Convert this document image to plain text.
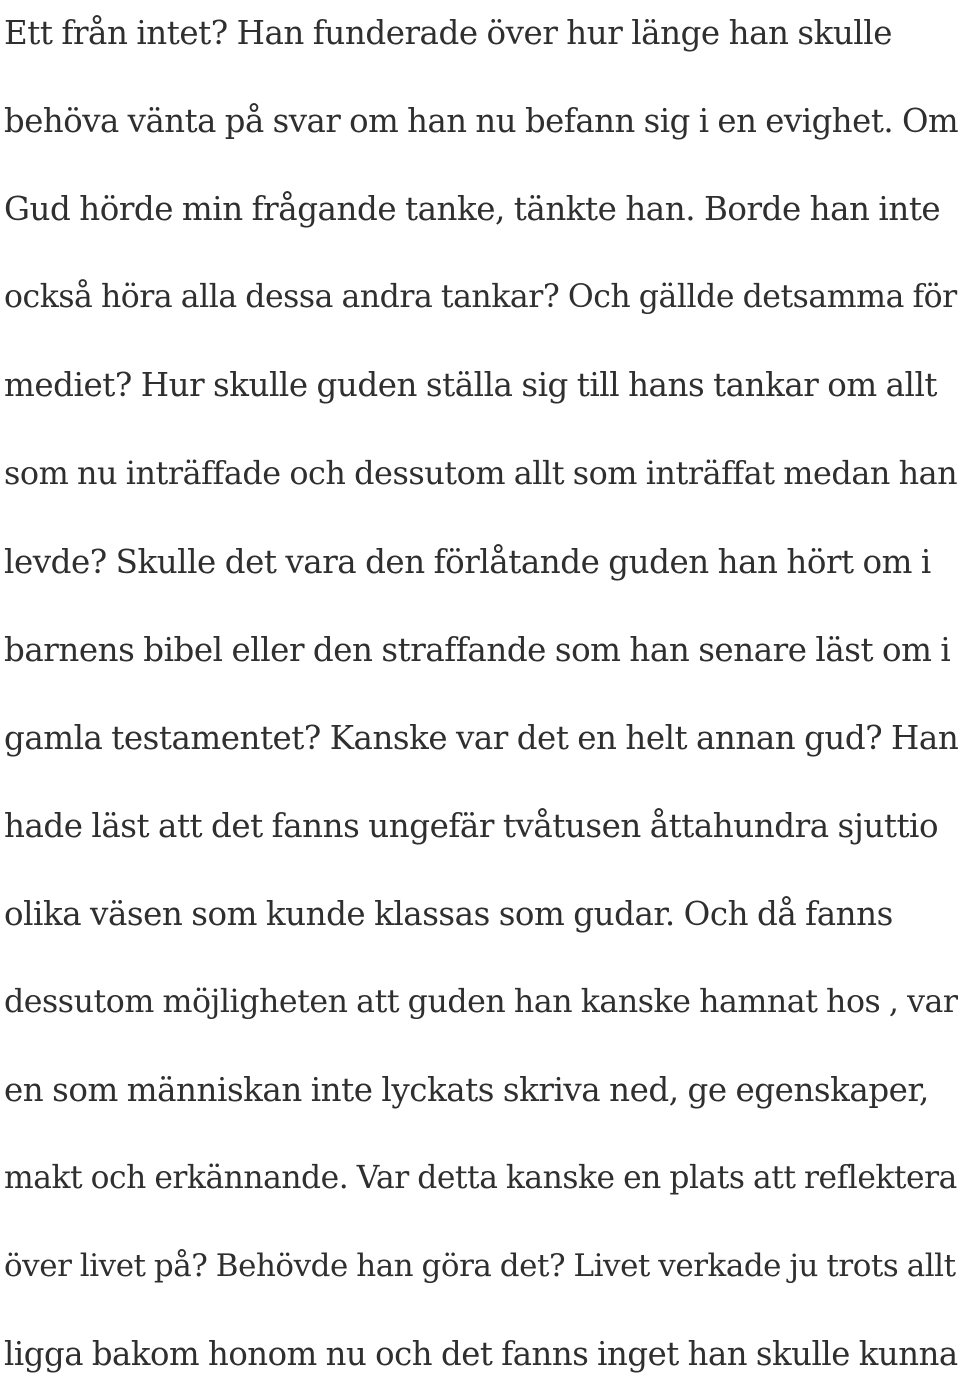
Ett från intet? Han funderade över hur länge han skulle
behöva vänta på svar om han nu befann sig i en evighet. Om
Gud hörde min frågande tanke, tänkte han. Borde han inte
också höra alla dessa andra tankar? Och gällde detsamma för
mediet? Hur skulle guden ställa sig till hans tankar om allt
som nu inträffade och dessutom allt som inträffat medan han
levde? Skulle det vara den förlåtande guden han hört om i
barnens bibel eller den straffande som han senare läst om i
gamla testamentet? Kanske var det en helt annan gud? Han
hade läst att det fanns ungefär tvåtusen åttahundra sjuttio
olika väsen som kunde klassas som gudar. Och då fanns
dessutom möjligheten att guden han kanske hamnat hos , var
en som människan inte lyckats skriva ned, ge egenskaper,
makt och erkännande. Var detta kanske en plats att reflektera
över livet på? Behövde han göra det? Livet verkade ju trots allt
ligga bakom honom nu och det fanns inget han skulle kunna
